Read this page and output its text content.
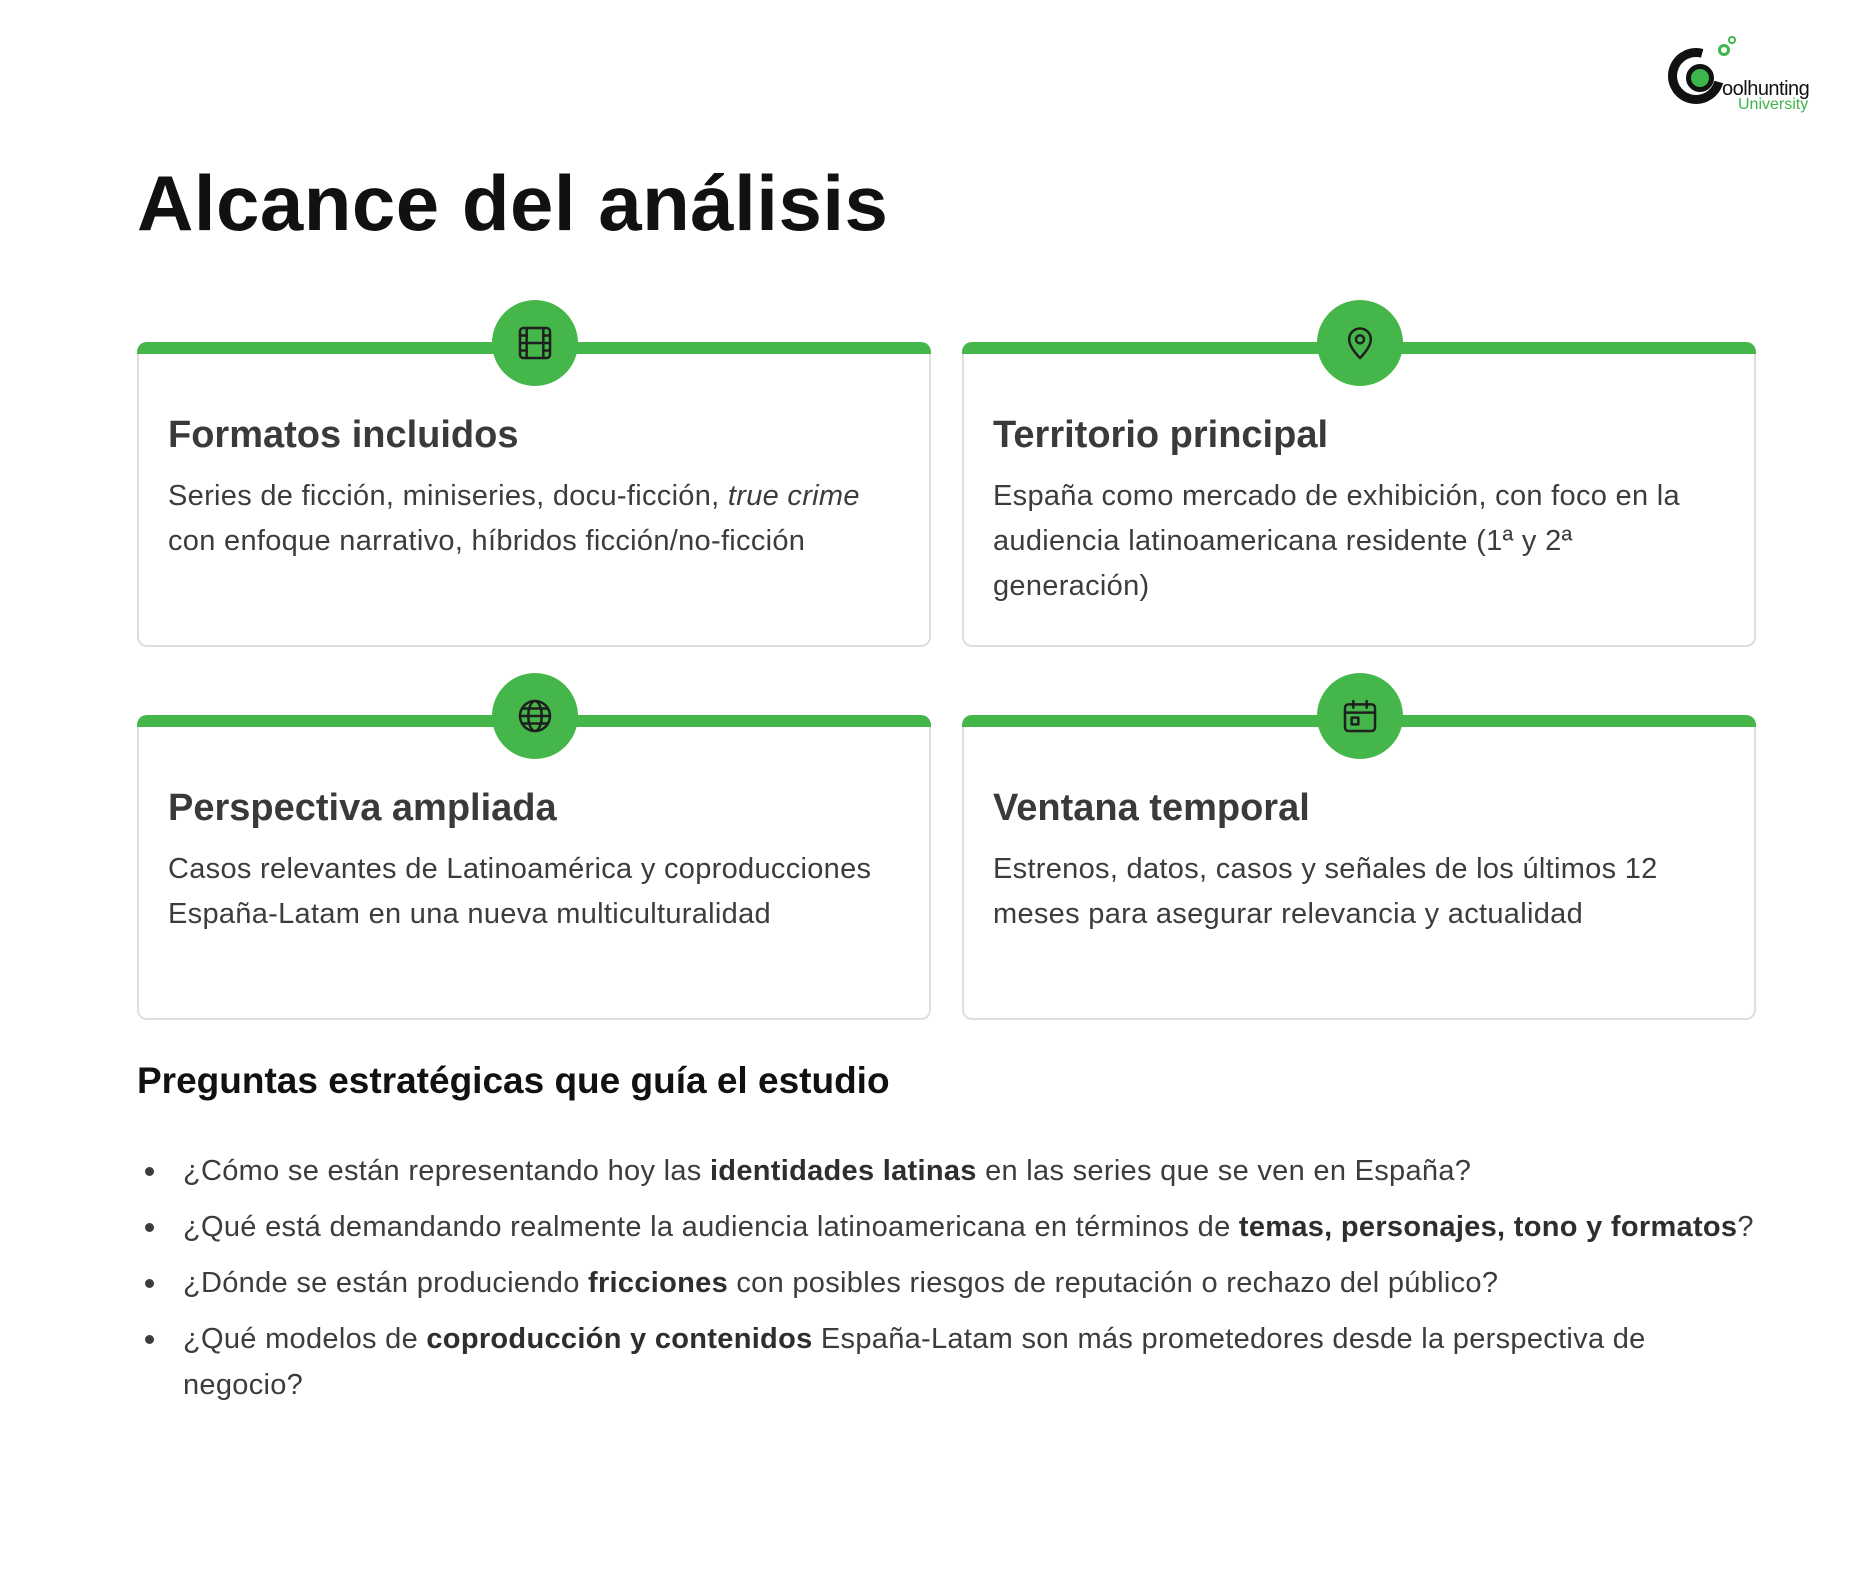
oolhunting
University
Alcance del análisis
Formatos incluidos
Series de ficción, miniseries, docu-ficción, true crime con enfoque narrativo, híbridos ficción/no-ficción
Territorio principal
España como mercado de exhibición, con foco en la audiencia latinoamericana residente (1ª y 2ª generación)
Perspectiva ampliada
Casos relevantes de Latinoamérica y coproducciones España-Latam en una nueva multiculturalidad
Ventana temporal
Estrenos, datos, casos y señales de los últimos 12 meses para asegurar relevancia y actualidad
Preguntas estratégicas que guía el estudio
¿Cómo se están representando hoy las identidades latinas en las series que se ven en España?
¿Qué está demandando realmente la audiencia latinoamericana en términos de temas, personajes, tono y formatos?
¿Dónde se están produciendo fricciones con posibles riesgos de reputación o rechazo del público?
¿Qué modelos de coproducción y contenidos España-Latam son más prometedores desde la perspectiva de negocio?
